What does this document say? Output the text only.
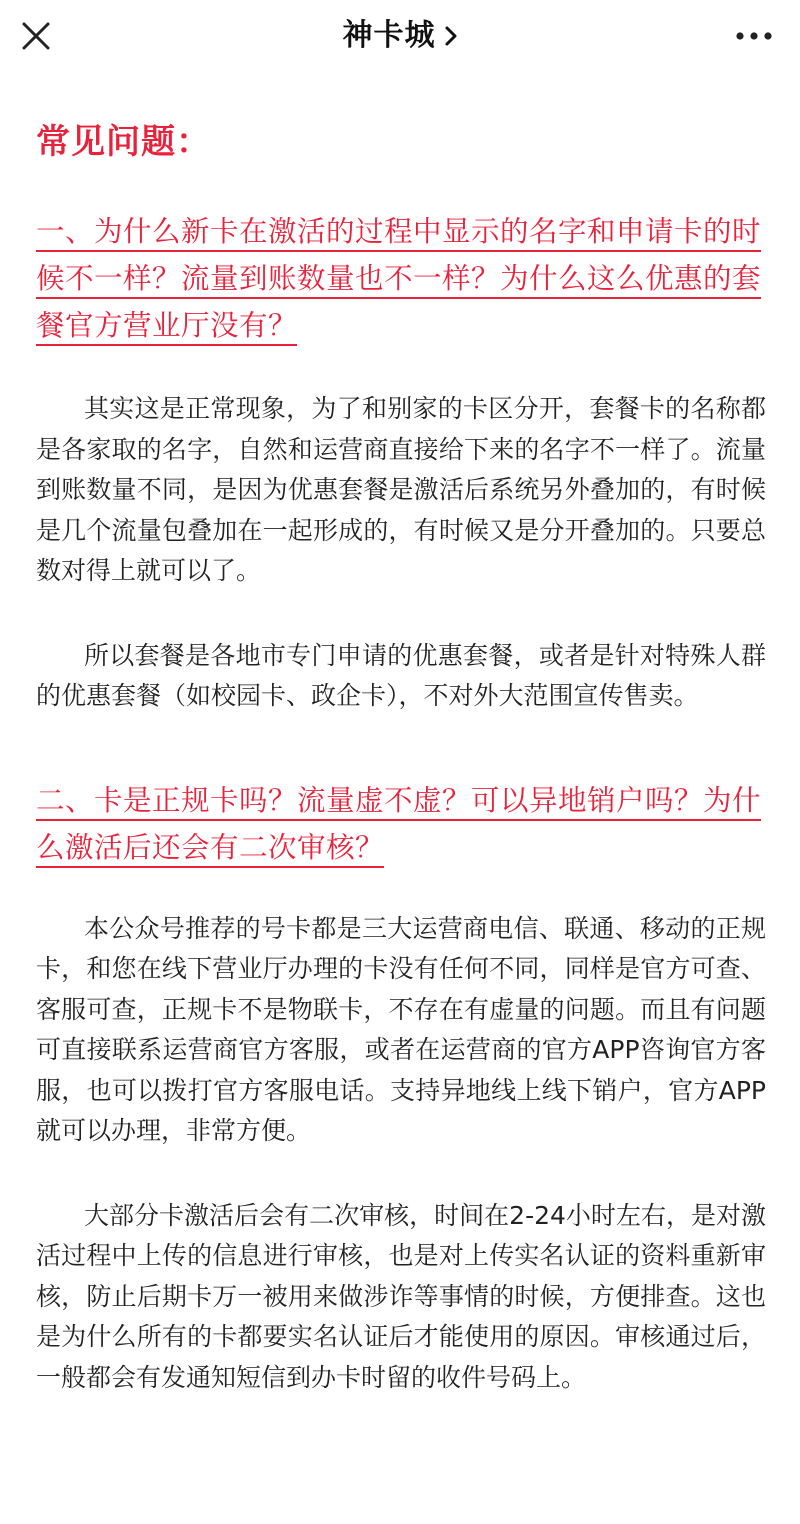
神卡城
常见问题：

一、为什么新卡在激活的过程中显示的名字和申请卡的时候不一样？流量到账数量也不一样？为什么这么优惠的套餐官方营业厅没有？

其实这是正常现象，为了和别家的卡区分开，套餐卡的名称都是各家取的名字，自然和运营商直接给下来的名字不一样了。流量到账数量不同，是因为优惠套餐是激活后系统另外叠加的，有时候是几个流量包叠加在一起形成的，有时候又是分开叠加的。只要总数对得上就可以了。

所以套餐是各地市专门申请的优惠套餐，或者是针对特殊人群的优惠套餐（如校园卡、政企卡），不对外大范围宣传售卖。

二、卡是正规卡吗？流量虚不虚？可以异地销户吗？为什么激活后还会有二次审核？

本公众号推荐的号卡都是三大运营商电信、联通、移动的正规卡，和您在线下营业厅办理的卡没有任何不同，同样是官方可查、客服可查，正规卡不是物联卡，不存在有虚量的问题。而且有问题可直接联系运营商官方客服，或者在运营商的官方APP咨询官方客服，也可以拨打官方客服电话。支持异地线上线下销户，官方APP就可以办理，非常方便。

大部分卡激活后会有二次审核，时间在2-24小时左右，是对激活过程中上传的信息进行审核，也是对上传实名认证的资料重新审核，防止后期卡万一被用来做涉诈等事情的时候，方便排查。这也是为什么所有的卡都要实名认证后才能使用的原因。审核通过后，一般都会有发通知短信到办卡时留的收件号码上。
